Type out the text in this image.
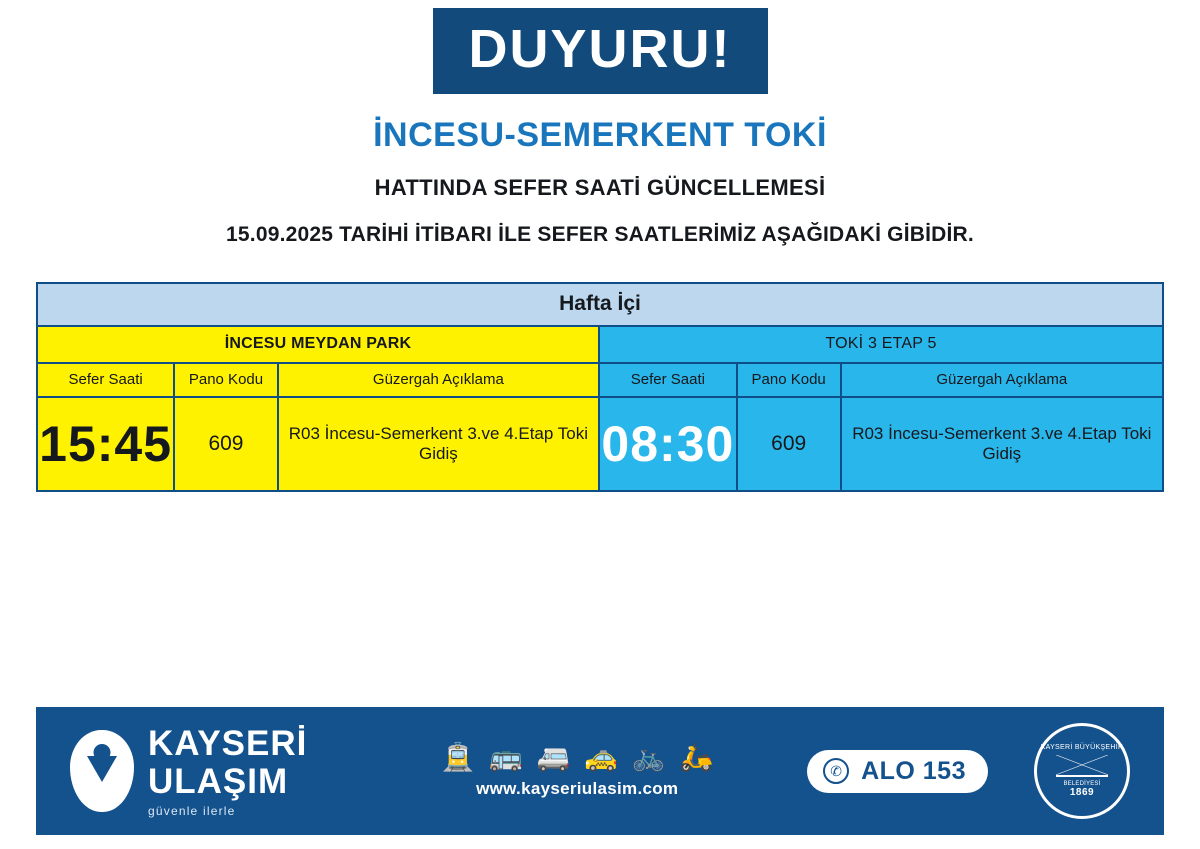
DUYURU!
İNCESU-SEMERKENT TOKİ
HATTINDA SEFER SAATİ GÜNCELLEMESİ
15.09.2025 TARİHİ İTİBARI İLE SEFER SAATLERİMİZ AŞAĞIDAKİ GİBİDİR.
Hafta İçi
İNCESU MEYDAN PARK
Sefer Saati	Pano Kodu	Güzergah Açıklama
15:45	609	R03 İncesu-Semerkent 3.ve 4.Etap Toki Gidiş
TOKİ 3 ETAP 5
Sefer Saati	Pano Kodu	Güzergah Açıklama
08:30	609	R03 İncesu-Semerkent 3.ve 4.Etap Toki Gidiş
KAYSERİ
ULAŞIM
güvenle ilerle
🚊 🚌 🚐 🚕 🚲 🛵
www.kayseriulasim.com
✆ ALO 153
KAYSERİ BÜYÜKŞEHİR
BELEDİYESİ
1869
